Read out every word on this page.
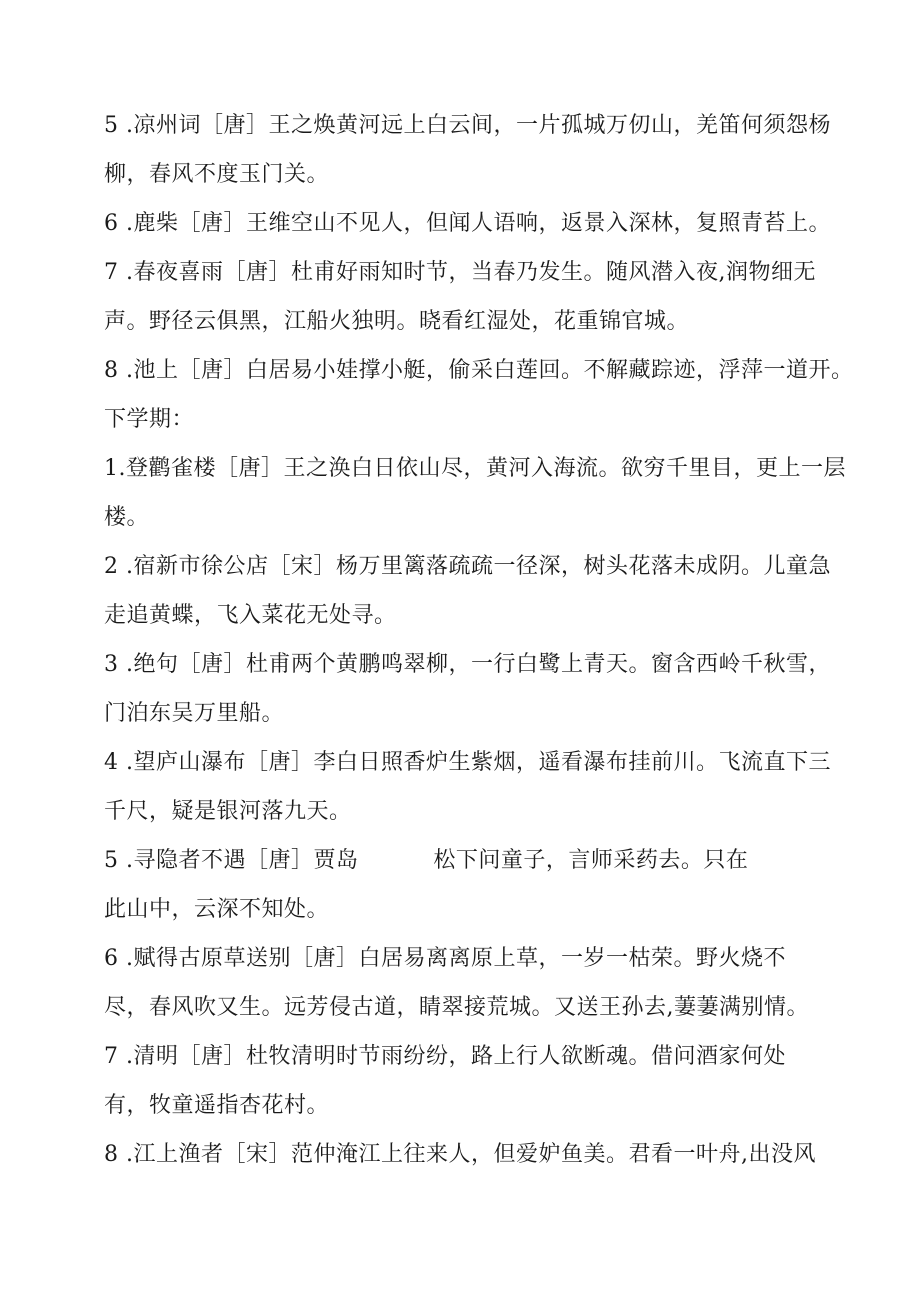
5 .凉州词［唐］王之焕黄河远上白云间，一片孤城万仞山，羌笛何须怨杨
柳，春风不度玉门关。
6 .鹿柴［唐］王维空山不见人，但闻人语响，返景入深林，复照青苔上。
7 .春夜喜雨［唐］杜甫好雨知时节，当春乃发生。随风潜入夜,润物细无
声。野径云俱黑，江船火独明。晓看红湿处，花重锦官城。
8 .池上［唐］白居易小娃撑小艇，偷采白莲回。不解藏踪迹，浮萍一道开。
下学期：
1.登鹳雀楼［唐］王之涣白日依山尽，黄河入海流。欲穷千里目，更上一层
楼。
2 .宿新市徐公店［宋］杨万里篱落疏疏一径深，树头花落未成阴。儿童急
走追黄蝶，飞入菜花无处寻。
3 .绝句［唐］杜甫两个黄鹏鸣翠柳，一行白鹭上青天。窗含西岭千秋雪，
门泊东吴万里船。
4 .望庐山瀑布［唐］李白日照香炉生紫烟，遥看瀑布挂前川。飞流直下三
千尺，疑是银河落九天。
5 .寻隐者不遇［唐］贾岛          松下问童子，言师采药去。只在
此山中，云深不知处。
6 .赋得古原草送别［唐］白居易离离原上草，一岁一枯荣。野火烧不
尽，春风吹又生。远芳侵古道，睛翠接荒城。又送王孙去,萋萋满别情。
7 .清明［唐］杜牧清明时节雨纷纷，路上行人欲断魂。借问酒家何处
有，牧童遥指杏花村。
8 .江上渔者［宋］范仲淹江上往来人，但爱妒鱼美。君看一叶舟,出没风
